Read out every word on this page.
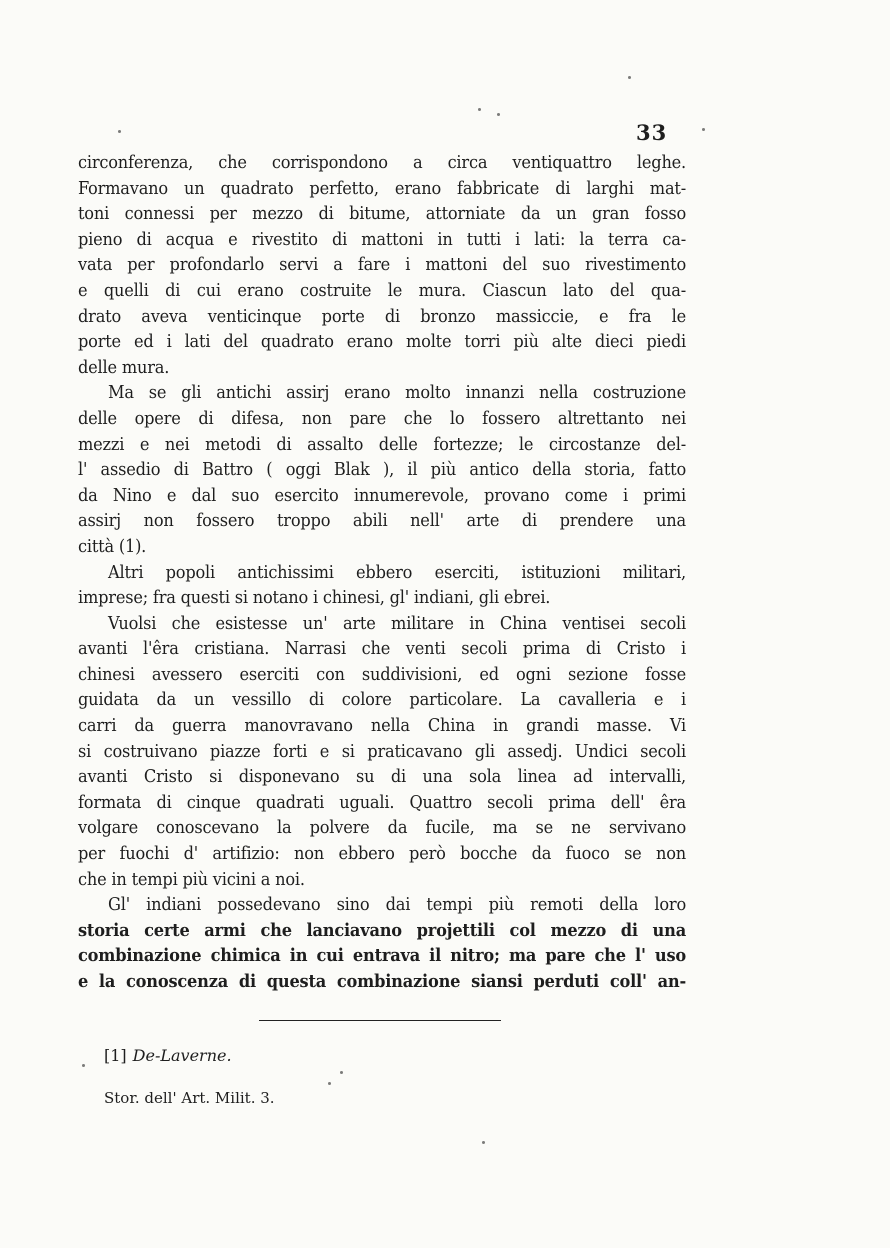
33
circonferenza, che corrispondono a circa ventiquattro leghe.
Formavano un quadrato perfetto, erano fabbricate di larghi mat-
toni connessi per mezzo di bitume, attorniate da un gran fosso
pieno di acqua e rivestito di mattoni in tutti i lati: la terra ca-
vata per profondarlo servi a fare i mattoni del suo rivestimento
e quelli di cui erano costruite le mura. Ciascun lato del qua-
drato aveva venticinque porte di bronzo massiccie, e fra le
porte ed i lati del quadrato erano molte torri più alte dieci piedi
delle mura.
Ma se gli antichi assirj erano molto innanzi nella costruzione
delle opere di difesa, non pare che lo fossero altrettanto nei
mezzi e nei metodi di assalto delle fortezze; le circostanze del-
l' assedio di Battro ( oggi Blak ), il più antico della storia, fatto
da Nino e dal suo esercito innumerevole, provano come i primi
assirj non fossero troppo abili nell' arte di prendere una
città (1).
Altri popoli antichissimi ebbero eserciti, istituzioni militari,
imprese; fra questi si notano i chinesi, gl' indiani, gli ebrei.
Vuolsi che esistesse un' arte militare in China ventisei secoli
avanti l'êra cristiana. Narrasi che venti secoli prima di Cristo i
chinesi avessero eserciti con suddivisioni, ed ogni sezione fosse
guidata da un vessillo di colore particolare. La cavalleria e i
carri da guerra manovravano nella China in grandi masse. Vi
si costruivano piazze forti e si praticavano gli assedj. Undici secoli
avanti Cristo si disponevano su di una sola linea ad intervalli,
formata di cinque quadrati uguali. Quattro secoli prima dell' êra
volgare conoscevano la polvere da fucile, ma se ne servivano
per fuochi d' artifizio: non ebbero però bocche da fuoco se non
che in tempi più vicini a noi.
Gl' indiani possedevano sino dai tempi più remoti della loro
storia certe armi che lanciavano projettili col mezzo di una
combinazione chimica in cui entrava il nitro; ma pare che l' uso
e la conoscenza di questa combinazione siansi perduti coll' an-
[1] De-Laverne.
Stor. dell' Art. Milit. 3.
